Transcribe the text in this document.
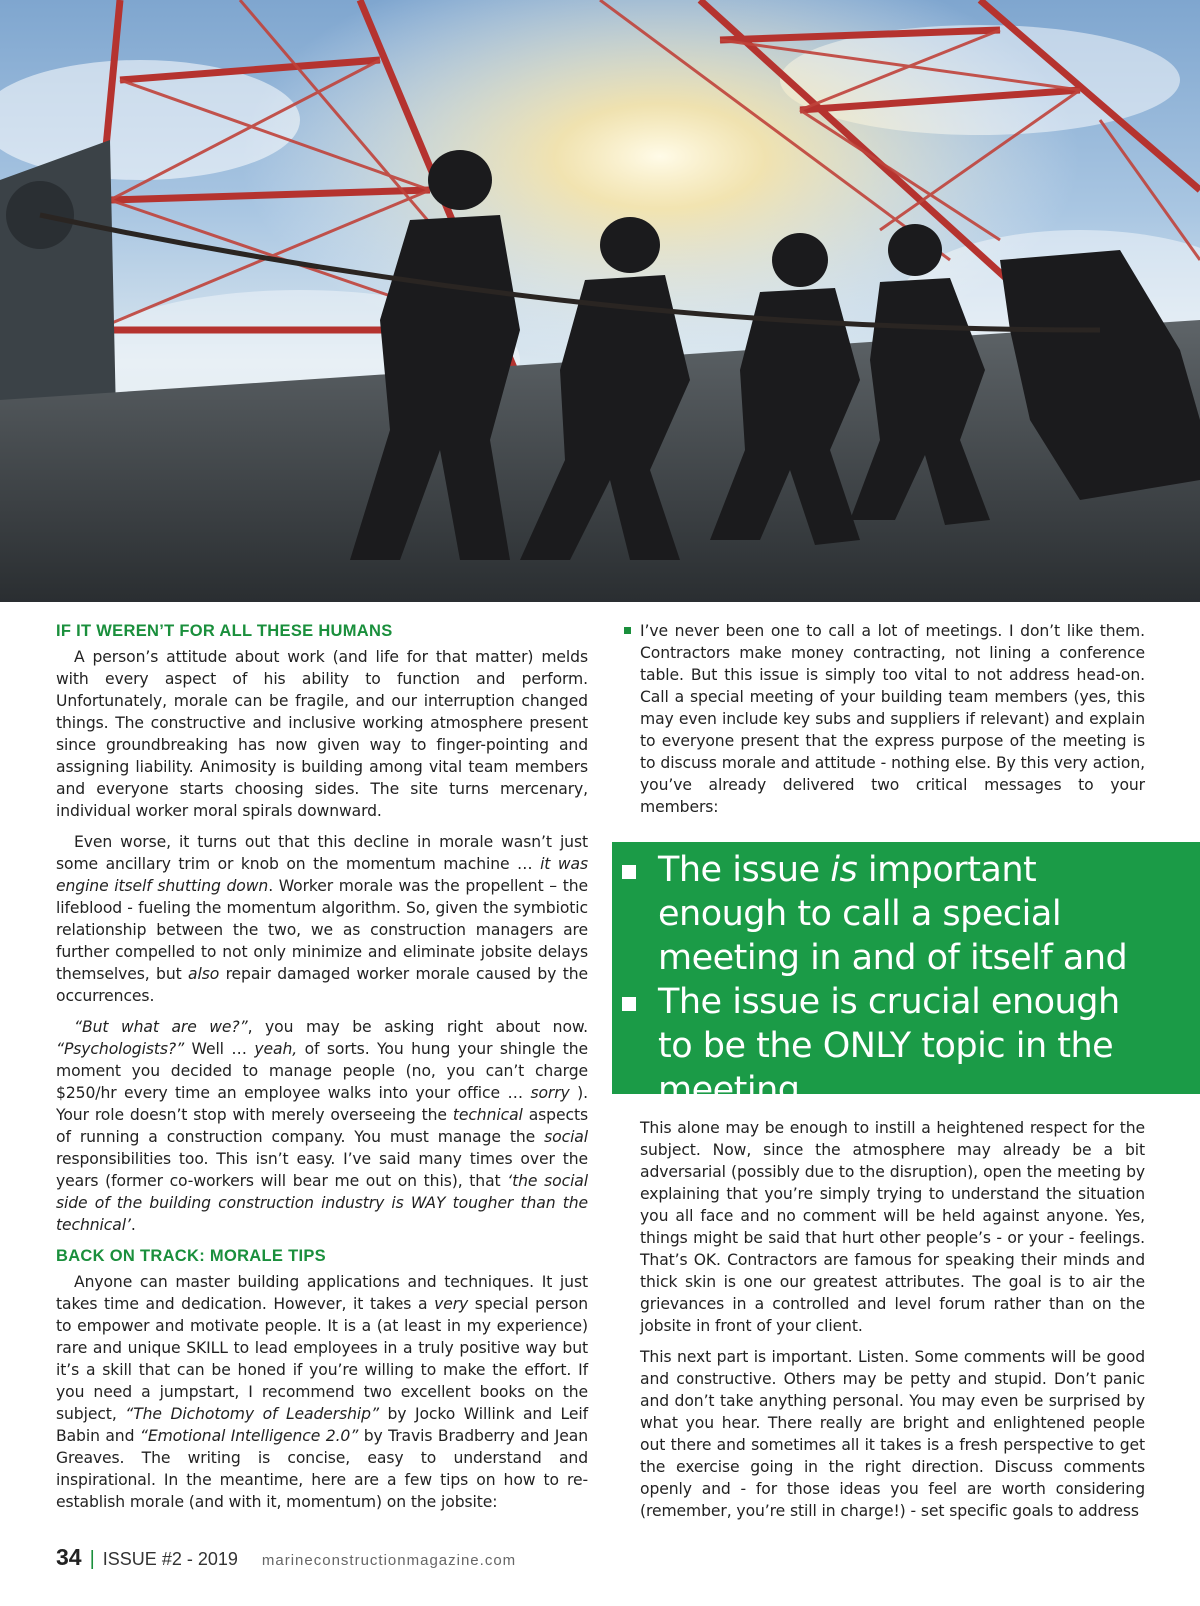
IF IT WEREN’T FOR ALL THESE HUMANS

A person’s attitude about work (and life for that matter) melds with every aspect of his ability to function and perform. Unfortunately, morale can be fragile, and our interruption changed things. The constructive and inclusive working atmosphere present since groundbreaking has now given way to finger-pointing and assigning liability. Animosity is building among vital team members and everyone starts choosing sides. The site turns mercenary, individual worker moral spirals downward.

Even worse, it turns out that this decline in morale wasn’t just some ancillary trim or knob on the momentum machine … it was engine itself shutting down. Worker morale was the propellent – the lifeblood - fueling the momentum algorithm. So, given the symbiotic relationship between the two, we as construction managers are further compelled to not only minimize and eliminate jobsite delays themselves, but also repair damaged worker morale caused by the occurrences.

“But what are we?”, you may be asking right about now. “Psychologists?” Well … yeah, of sorts. You hung your shingle the moment you decided to manage people (no, you can’t charge $250/hr every time an employee walks into your office … sorry ). Your role doesn’t stop with merely overseeing the technical aspects of running a construction company. You must manage the social responsibilities too. This isn’t easy. I’ve said many times over the years (former co-workers will bear me out on this), that ‘the social side of the building construction industry is WAY tougher than the technical’.

BACK ON TRACK: MORALE TIPS

Anyone can master building applications and techniques. It just takes time and dedication. However, it takes a very special person to empower and motivate people. It is a (at least in my experience) rare and unique SKILL to lead employees in a truly positive way but it’s a skill that can be honed if you’re willing to make the effort. If you need a jumpstart, I recommend two excellent books on the subject, “The Dichotomy of Leadership” by Jocko Willink and Leif Babin and “Emotional Intelligence 2.0” by Travis Bradberry and Jean Greaves. The writing is concise, easy to understand and inspirational. In the meantime, here are a few tips on how to re-establish morale (and with it, momentum) on the jobsite:

I’ve never been one to call a lot of meetings. I don’t like them. Contractors make money contracting, not lining a conference table. But this issue is simply too vital to not address head-on. Call a special meeting of your building team members (yes, this may even include key subs and suppliers if relevant) and explain to everyone present that the express purpose of the meeting is to discuss morale and attitude - nothing else. By this very action, you’ve already delivered two critical messages to your members:

The issue is important enough to call a special meeting in and of itself and
The issue is crucial enough to be the ONLY topic in the meeting.

This alone may be enough to instill a heightened respect for the subject. Now, since the atmosphere may already be a bit adversarial (possibly due to the disruption), open the meeting by explaining that you’re simply trying to understand the situation you all face and no comment will be held against anyone. Yes, things might be said that hurt other people’s - or your - feelings. That’s OK. Contractors are famous for speaking their minds and thick skin is one our greatest attributes. The goal is to air the grievances in a controlled and level forum rather than on the jobsite in front of your client.

This next part is important. Listen. Some comments will be good and constructive. Others may be petty and stupid. Don’t panic and don’t take anything personal. You may even be surprised by what you hear. There really are bright and enlightened people out there and sometimes all it takes is a fresh perspective to get the exercise going in the right direction. Discuss comments openly and - for those ideas you feel are worth considering (remember, you’re still in charge!) - set specific goals to address

34 | ISSUE #2 - 2019 marineconstructionmagazine.com
